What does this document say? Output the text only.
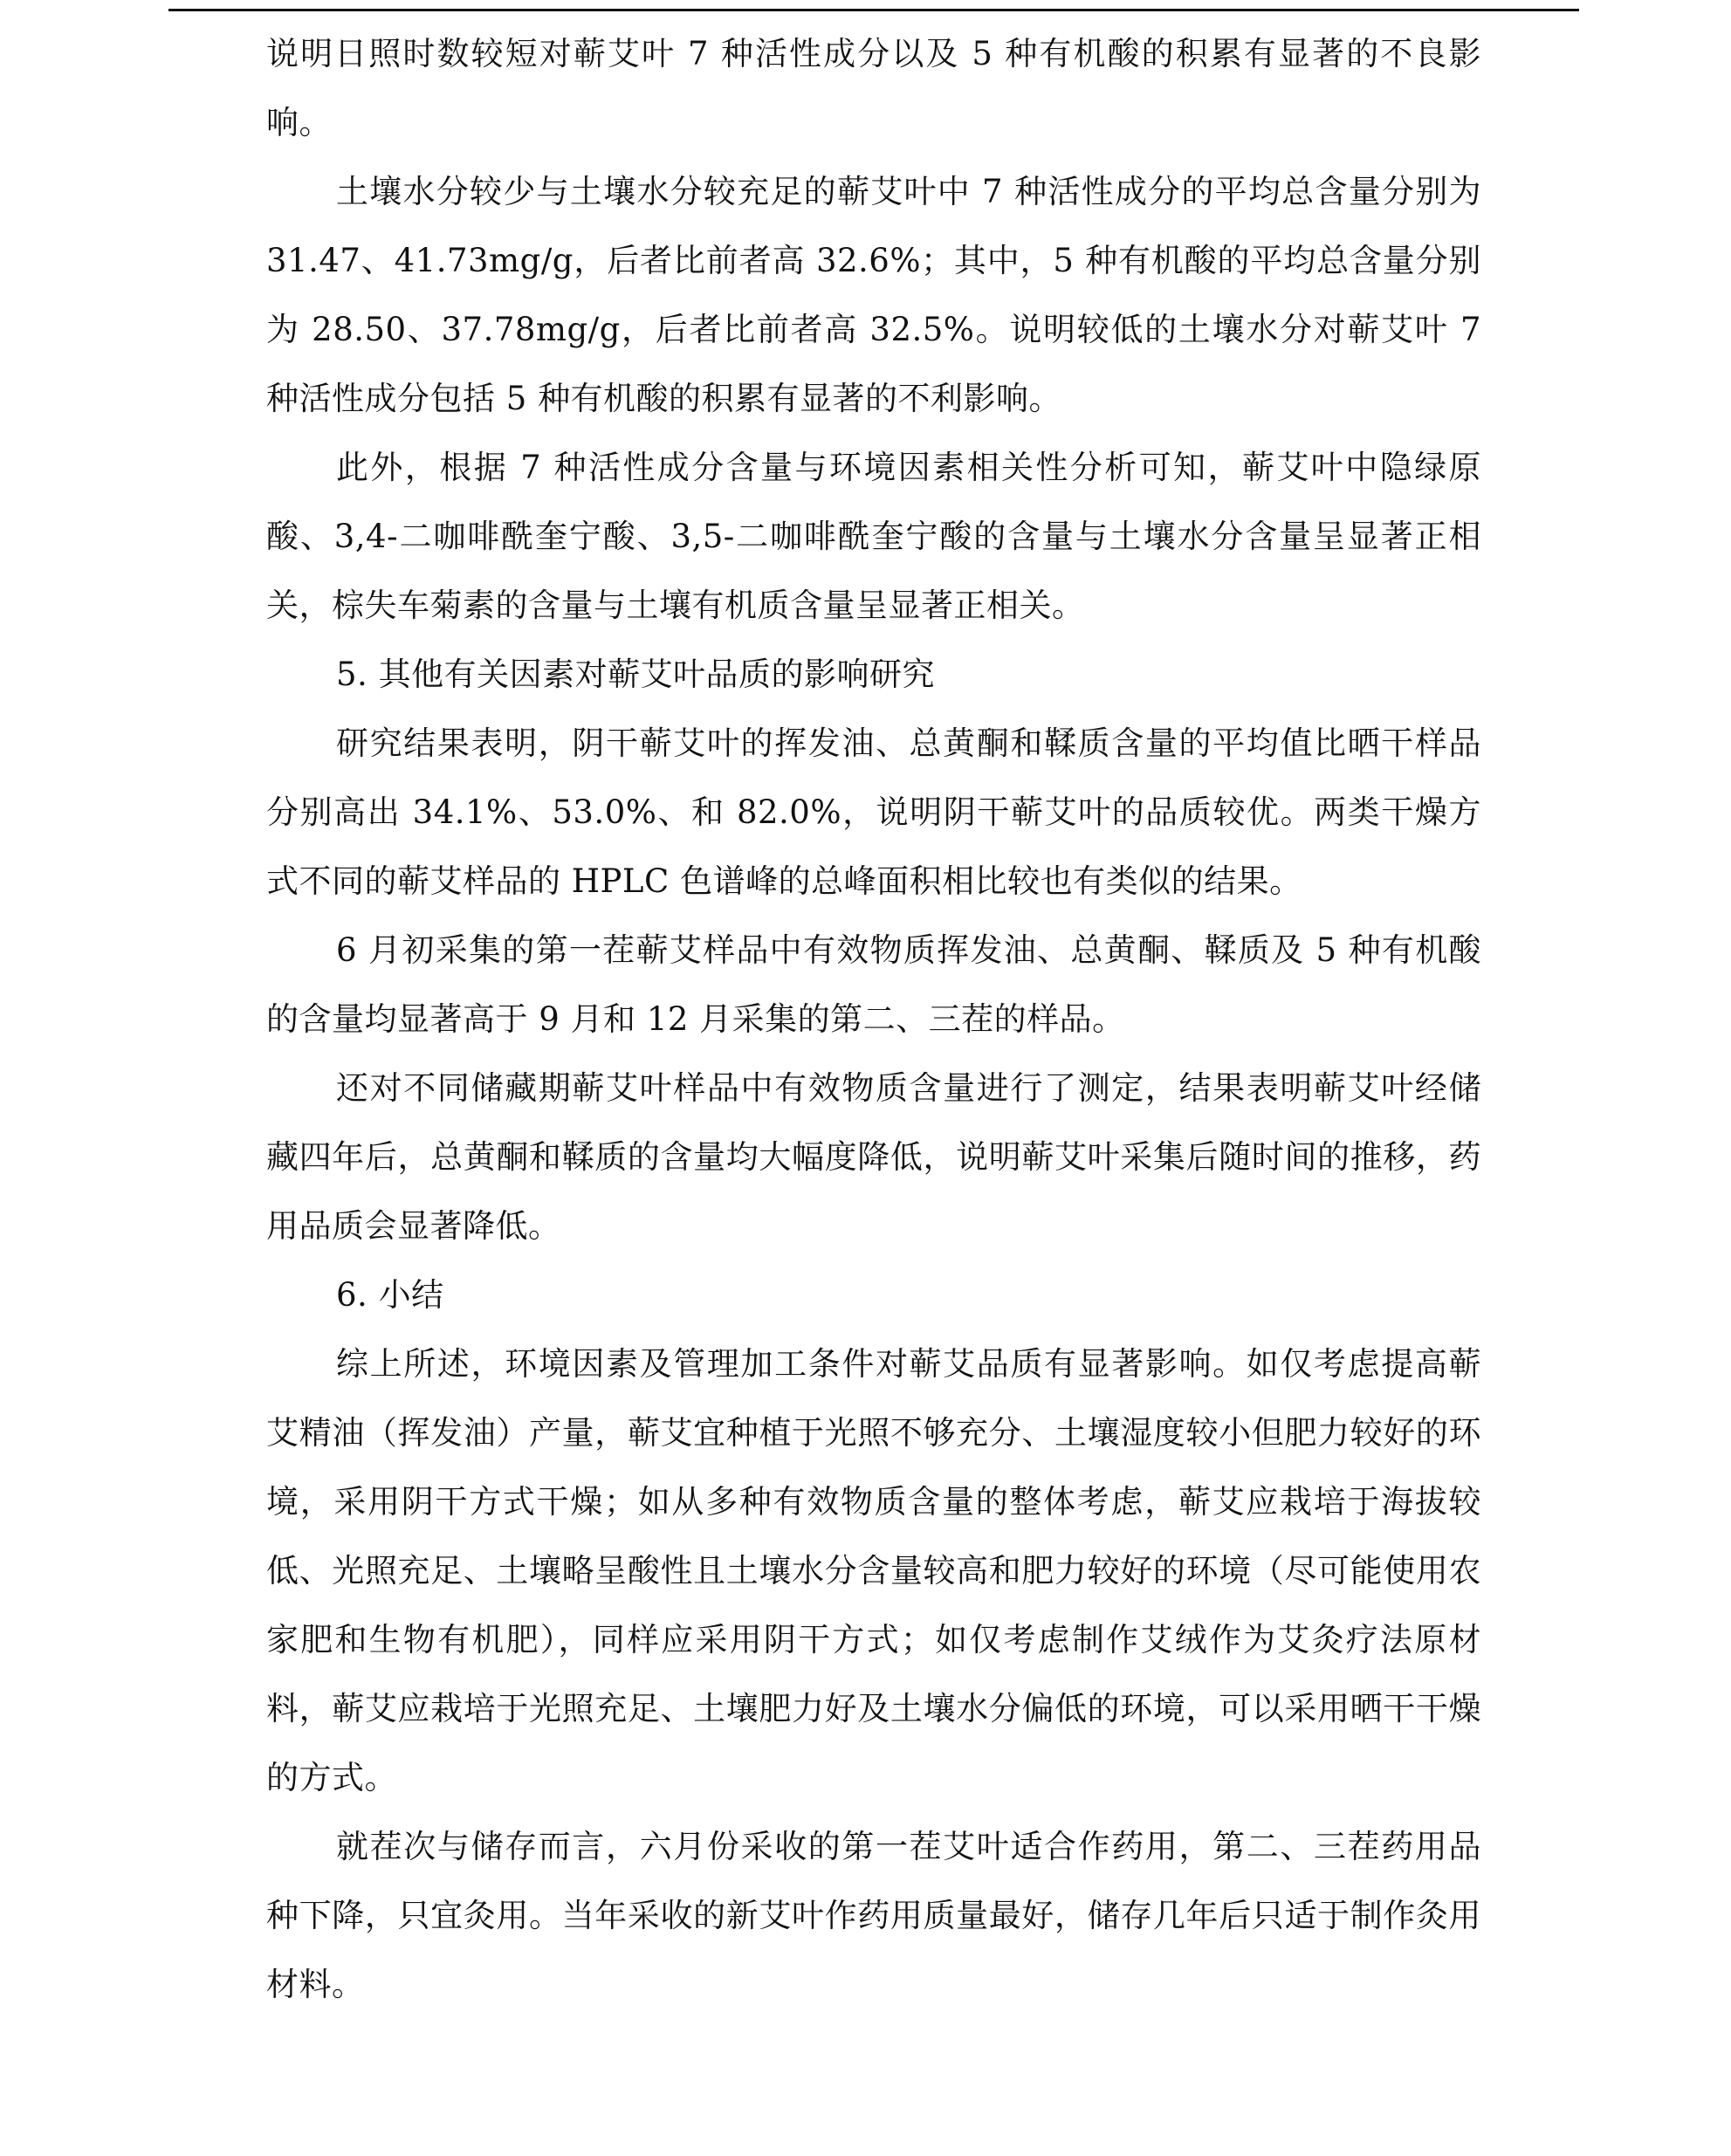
说明日照时数较短对蕲艾叶 7 种活性成分以及 5 种有机酸的积累有显著的不良影响。

土壤水分较少与土壤水分较充足的蕲艾叶中 7 种活性成分的平均总含量分别为 31.47、41.73mg/g，后者比前者高 32.6%；其中，5 种有机酸的平均总含量分别为 28.50、37.78mg/g，后者比前者高 32.5%。说明较低的土壤水分对蕲艾叶 7 种活性成分包括 5 种有机酸的积累有显著的不利影响。

此外，根据 7 种活性成分含量与环境因素相关性分析可知，蕲艾叶中隐绿原酸、3,4-二咖啡酰奎宁酸、3,5-二咖啡酰奎宁酸的含量与土壤水分含量呈显著正相关，棕失车菊素的含量与土壤有机质含量呈显著正相关。

5. 其他有关因素对蕲艾叶品质的影响研究

研究结果表明，阴干蕲艾叶的挥发油、总黄酮和鞣质含量的平均值比晒干样品分别高出 34.1%、53.0%、和 82.0%，说明阴干蕲艾叶的品质较优。两类干燥方式不同的蕲艾样品的 HPLC 色谱峰的总峰面积相比较也有类似的结果。

6 月初采集的第一茬蕲艾样品中有效物质挥发油、总黄酮、鞣质及 5 种有机酸的含量均显著高于 9 月和 12 月采集的第二、三茬的样品。

还对不同储藏期蕲艾叶样品中有效物质含量进行了测定，结果表明蕲艾叶经储藏四年后，总黄酮和鞣质的含量均大幅度降低，说明蕲艾叶采集后随时间的推移，药用品质会显著降低。

6. 小结

综上所述，环境因素及管理加工条件对蕲艾品质有显著影响。如仅考虑提高蕲艾精油（挥发油）产量，蕲艾宜种植于光照不够充分、土壤湿度较小但肥力较好的环境，采用阴干方式干燥；如从多种有效物质含量的整体考虑，蕲艾应栽培于海拔较低、光照充足、土壤略呈酸性且土壤水分含量较高和肥力较好的环境（尽可能使用农家肥和生物有机肥），同样应采用阴干方式；如仅考虑制作艾绒作为艾灸疗法原材料，蕲艾应栽培于光照充足、土壤肥力好及土壤水分偏低的环境，可以采用晒干干燥的方式。

就茬次与储存而言，六月份采收的第一茬艾叶适合作药用，第二、三茬药用品种下降，只宜灸用。当年采收的新艾叶作药用质量最好，储存几年后只适于制作灸用材料。
